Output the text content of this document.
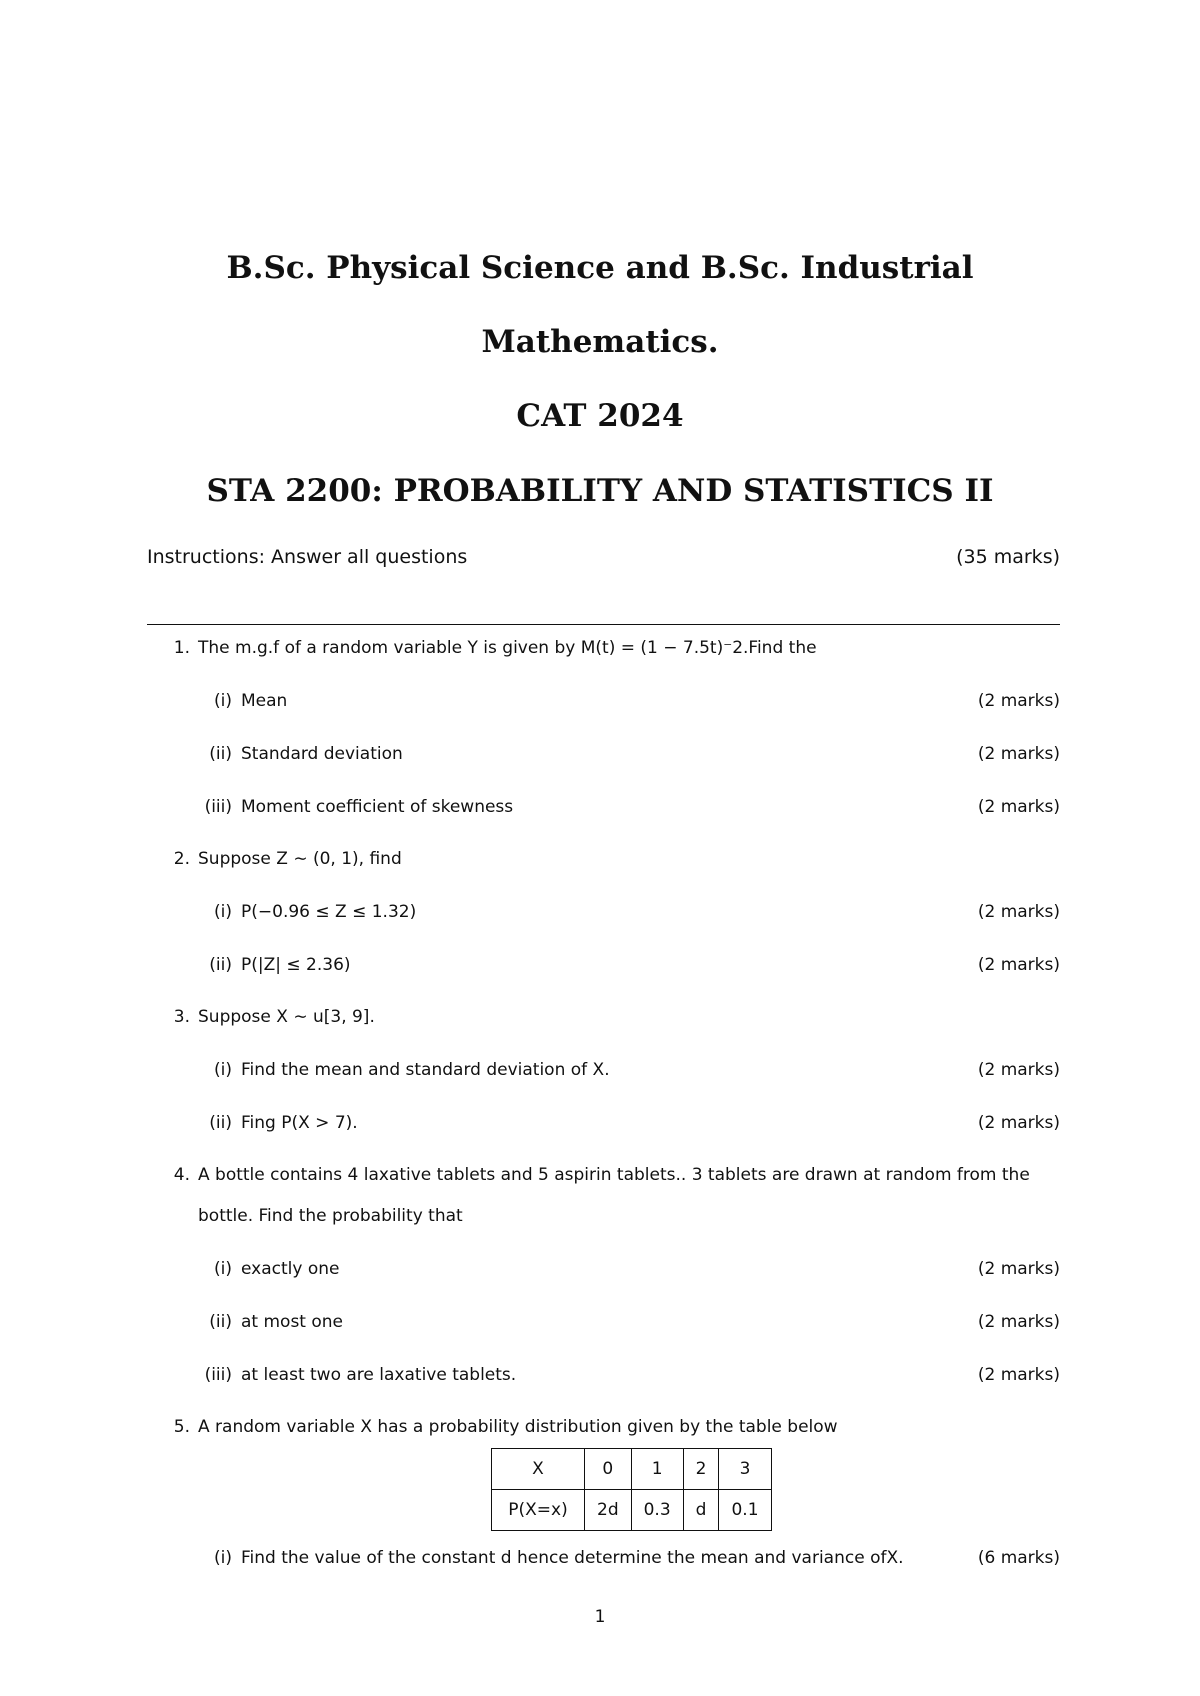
B.Sc. Physical Science and B.Sc. Industrial
Mathematics.
CAT 2024
STA 2200: PROBABILITY AND STATISTICS II
Instructions: Answer all questions	(35 marks)
1. The m.g.f of a random variable Y is given by M(t) = (1 − 7.5t)⁻2.Find the
(i) Mean	(2 marks)
(ii) Standard deviation	(2 marks)
(iii) Moment coefficient of skewness	(2 marks)
2. Suppose Z ∼ (0, 1), find
(i) P(−0.96 ≤ Z ≤ 1.32)	(2 marks)
(ii) P(|Z| ≤ 2.36)	(2 marks)
3. Suppose X ∼ u[3, 9].
(i) Find the mean and standard deviation of X.	(2 marks)
(ii) Fing P(X > 7).	(2 marks)
4. A bottle contains 4 laxative tablets and 5 aspirin tablets.. 3 tablets are drawn at random from the
bottle. Find the probability that
(i) exactly one	(2 marks)
(ii) at most one	(2 marks)
(iii) at least two are laxative tablets.	(2 marks)
5. A random variable X has a probability distribution given by the table below
X	0	1	2	3
P(X=x)	2d	0.3	d	0.1
(i) Find the value of the constant d hence determine the mean and variance ofX.	(6 marks)
1
